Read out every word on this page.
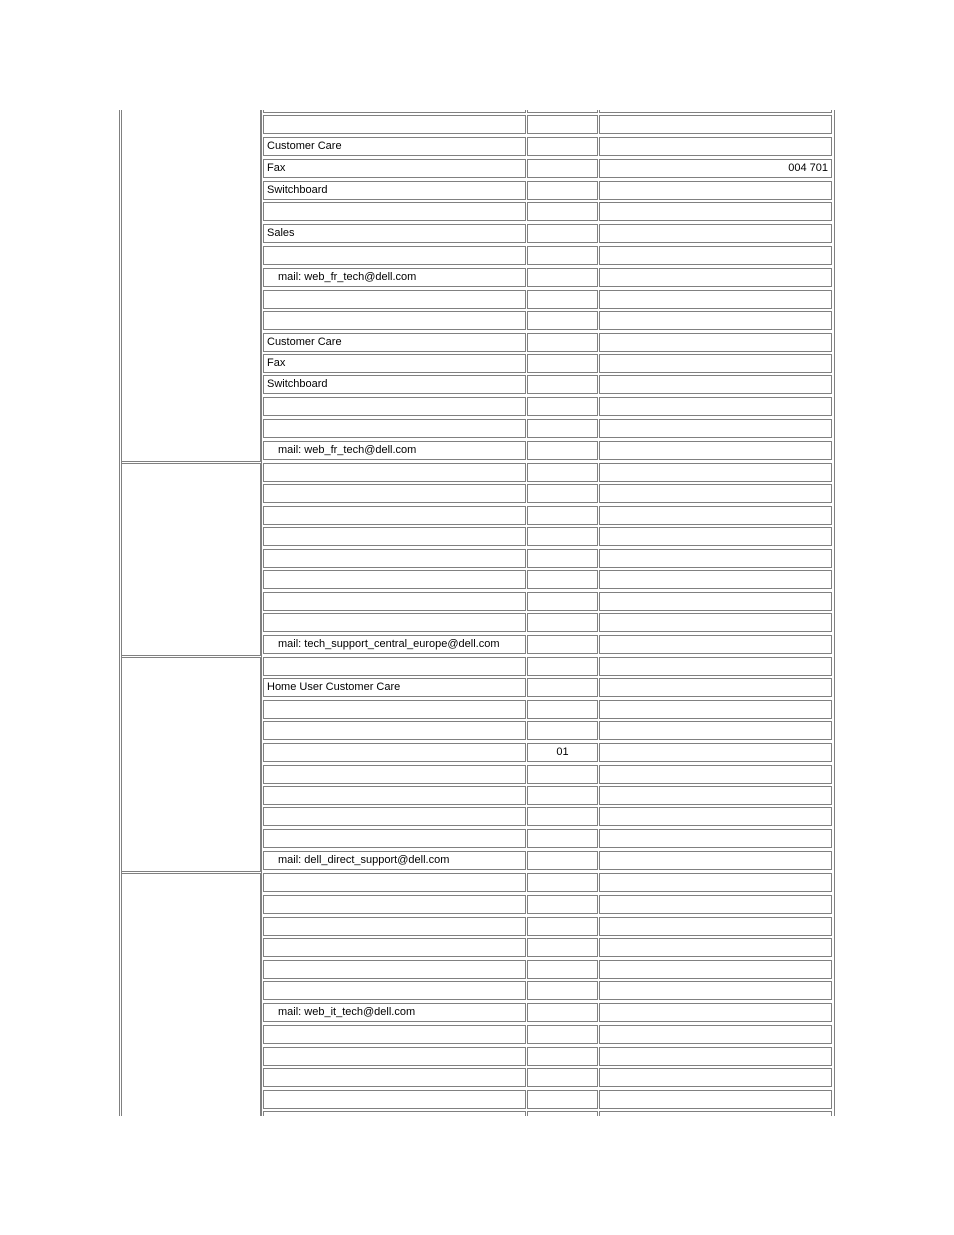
Customer Care
Fax	004 701
Switchboard
Sales
mail: web_fr_tech@dell.com
Customer Care
Fax
Switchboard
mail: web_fr_tech@dell.com
mail: tech_support_central_europe@dell.com
Home User Customer Care
01
mail: dell_direct_support@dell.com
mail: web_it_tech@dell.com
